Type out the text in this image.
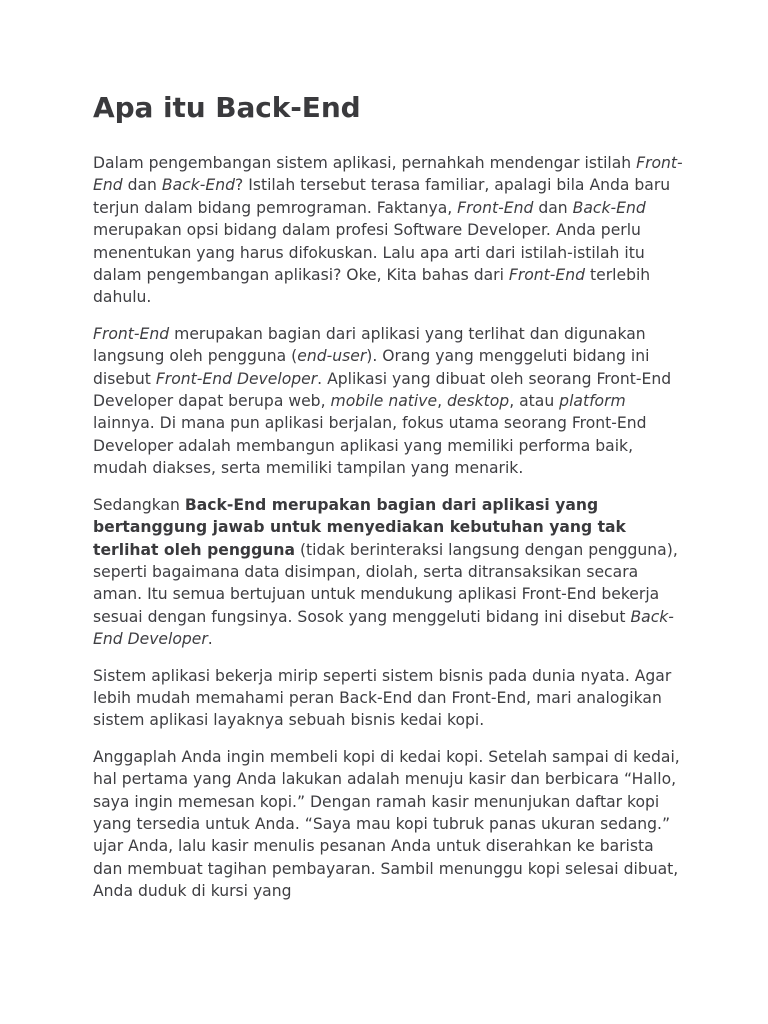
Apa itu Back-End

Dalam pengembangan sistem aplikasi, pernahkah mendengar istilah Front-End dan Back-End? Istilah tersebut terasa familiar, apalagi bila Anda baru terjun dalam bidang pemrograman. Faktanya, Front-End dan Back-End merupakan opsi bidang dalam profesi Software Developer. Anda perlu menentukan yang harus difokuskan. Lalu apa arti dari istilah-istilah itu dalam pengembangan aplikasi? Oke, Kita bahas dari Front-End terlebih dahulu.

Front-End merupakan bagian dari aplikasi yang terlihat dan digunakan langsung oleh pengguna (end-user). Orang yang menggeluti bidang ini disebut Front-End Developer. Aplikasi yang dibuat oleh seorang Front-End Developer dapat berupa web, mobile native, desktop, atau platform lainnya. Di mana pun aplikasi berjalan, fokus utama seorang Front-End Developer adalah membangun aplikasi yang memiliki performa baik, mudah diakses, serta memiliki tampilan yang menarik.

Sedangkan Back-End merupakan bagian dari aplikasi yang bertanggung jawab untuk menyediakan kebutuhan yang tak terlihat oleh pengguna (tidak berinteraksi langsung dengan pengguna), seperti bagaimana data disimpan, diolah, serta ditransaksikan secara aman. Itu semua bertujuan untuk mendukung aplikasi Front-End bekerja sesuai dengan fungsinya. Sosok yang menggeluti bidang ini disebut Back-End Developer.

Sistem aplikasi bekerja mirip seperti sistem bisnis pada dunia nyata. Agar lebih mudah memahami peran Back-End dan Front-End, mari analogikan sistem aplikasi layaknya sebuah bisnis kedai kopi.

Anggaplah Anda ingin membeli kopi di kedai kopi. Setelah sampai di kedai, hal pertama yang Anda lakukan adalah menuju kasir dan berbicara “Hallo, saya ingin memesan kopi.” Dengan ramah kasir menunjukan daftar kopi yang tersedia untuk Anda. “Saya mau kopi tubruk panas ukuran sedang.” ujar Anda, lalu kasir menulis pesanan Anda untuk diserahkan ke barista dan membuat tagihan pembayaran. Sambil menunggu kopi selesai dibuat, Anda duduk di kursi yang
